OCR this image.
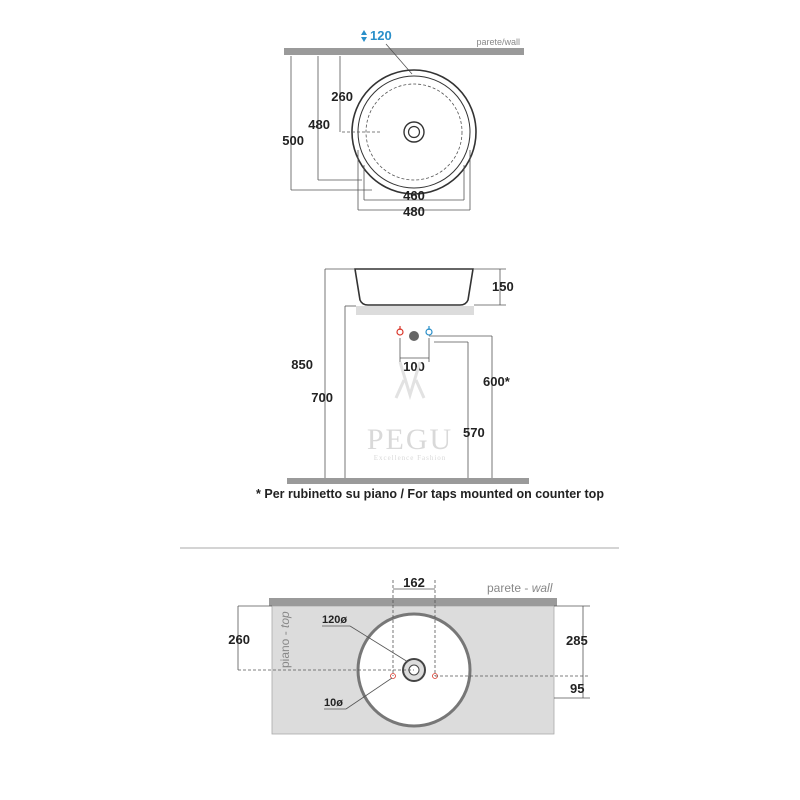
parete/wall
120
260
480
500
460
480
150
100
850
700
600*
570
PEGU
Excellence Fashion
* Per rubinetto su piano / For taps mounted on counter top
parete - wall
piano - top
162
260	285
95
120ø
10ø
